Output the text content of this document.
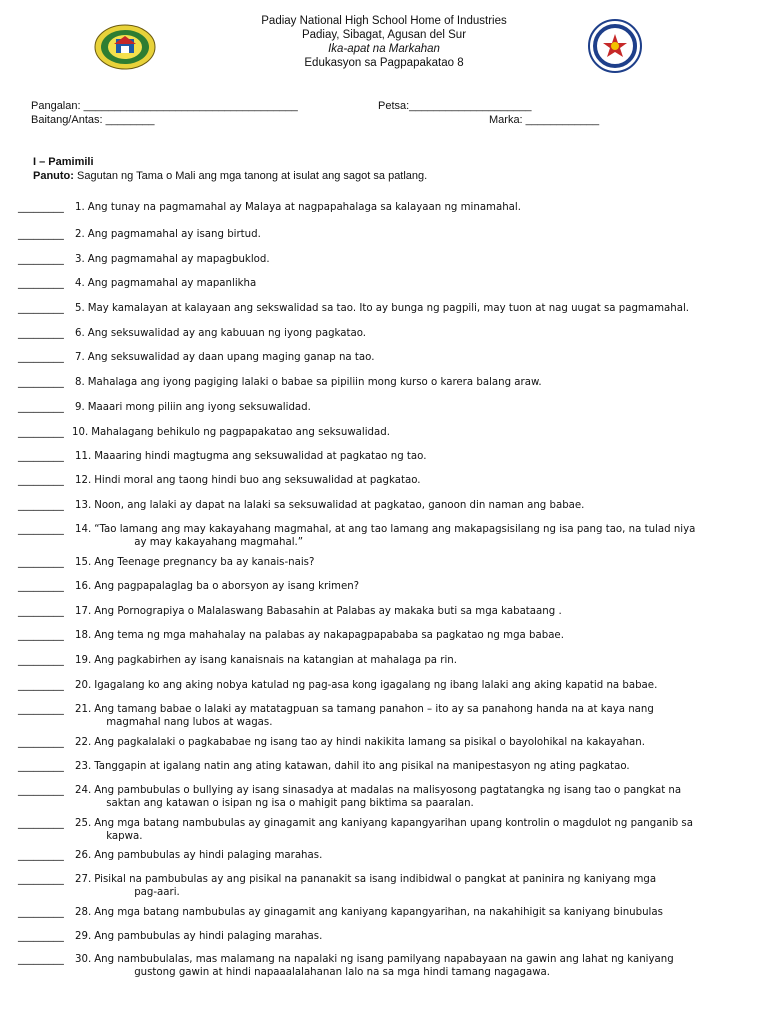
Padiay National High School Home of Industries
Padiay, Sibagat, Agusan del Sur
Ika-apat na Markahan
Edukasyon sa Pagpapakatao 8
Pangalan: ___________________________________	Petsa:____________________
Baitang/Antas: ________	Marka: ____________
I – Pamimili
Panuto: Sagutan ng Tama o Mali ang mga tanong at isulat ang sagot sa patlang.
_________	1. Ang tunay na pagmamahal ay Malaya at nagpapahalaga sa kalayaan ng minamahal.
_________	2. Ang pagmamahal ay isang birtud.
_________	3. Ang pagmamahal ay mapagbuklod.
_________	4. Ang pagmamahal ay mapanlikha
_________	5. May kamalayan at kalayaan ang sekswalidad sa tao. Ito ay bunga ng pagpili, may tuon at nag uugat sa pagmamahal.
_________	6. Ang seksuwalidad ay ang kabuuan ng iyong pagkatao.
_________	7. Ang seksuwalidad ay daan upang maging ganap na tao.
_________	8. Mahalaga ang iyong pagiging lalaki o babae sa pipiliin mong kurso o karera balang araw.
_________	9. Maaari mong piliin ang iyong seksuwalidad.
_________ 10. Mahalagang behikulo ng pagpapakatao ang seksuwalidad.
_________	11. Maaaring hindi magtugma ang seksuwalidad at pagkatao ng tao.
_________	12. Hindi moral ang taong hindi buo ang seksuwalidad at pagkatao.
_________	13. Noon, ang lalaki ay dapat na lalaki sa seksuwalidad at pagkatao, ganoon din naman ang babae.
_________	14. “Tao lamang ang may kakayahang magmahal, at ang tao lamang ang makapagsisilang ng isa pang tao, na tulad niya
ay may kakayahang magmahal.”
_________	15. Ang Teenage pregnancy ba ay kanais-nais?
_________	16. Ang pagpapalaglag ba o aborsyon ay isang krimen?
_________	17. Ang Pornograpiya o Malalaswang Babasahin at Palabas ay makaka buti sa mga kabataang .
_________	18. Ang tema ng mga mahahalay na palabas ay nakapagpapababa sa pagkatao ng mga babae.
_________	19. Ang pagkabirhen ay isang kanaisnais na katangian at mahalaga pa rin.
_________	20. Igagalang ko ang aking nobya katulad ng pag-asa kong igagalang ng ibang lalaki ang aking kapatid na babae.
_________	21. Ang tamang babae o lalaki ay matatagpuan sa tamang panahon – ito ay sa panahong handa na at kaya nang
magmahal nang lubos at wagas.
_________	22. Ang pagkalalaki o pagkababae ng isang tao ay hindi nakikita lamang sa pisikal o bayolohikal na kakayahan.
_________	23. Tanggapin at igalang natin ang ating katawan, dahil ito ang pisikal na manipestasyon ng ating pagkatao.
_________	24. Ang pambubulas o bullying ay isang sinasadya at madalas na malisyosong pagtatangka ng isang tao o pangkat na
saktan ang katawan o isipan ng isa o mahigit pang biktima sa paaralan.
_________	25. Ang mga batang nambubulas ay ginagamit ang kaniyang kapangyarihan upang kontrolin o magdulot ng panganib sa
kapwa.
_________	26. Ang pambubulas ay hindi palaging marahas.
_________	27. Pisikal na pambubulas ay ang pisikal na pananakit sa isang indibidwal o pangkat at paninira ng kaniyang mga
pag-aari.
_________	28. Ang mga batang nambubulas ay ginagamit ang kaniyang kapangyarihan, na nakahihigit sa kaniyang binubulas
_________	29. Ang pambubulas ay hindi palaging marahas.
_________	30. Ang nambubulalas, mas malamang na napalaki ng isang pamilyang napabayaan na gawin ang lahat ng kaniyang
gustong gawin at hindi napaaalalahanan lalo na sa mga hindi tamang nagagawa.
